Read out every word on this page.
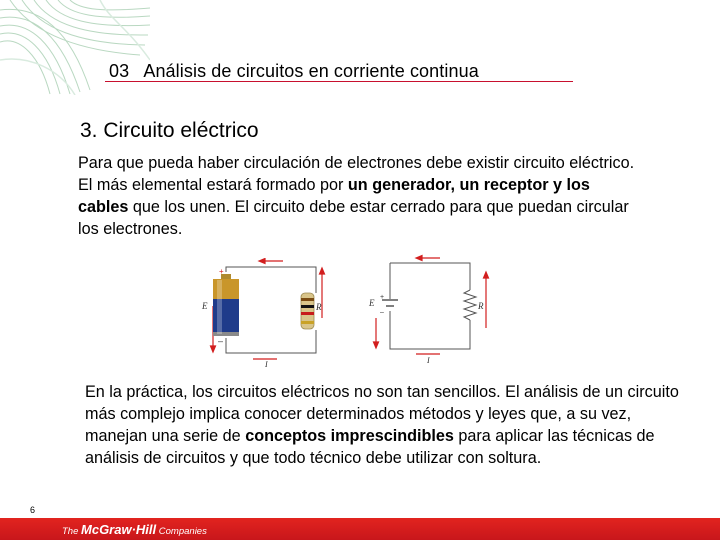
03 Análisis de circuitos en corriente continua
3. Circuito eléctrico
Para que pueda haber circulación de electrones debe existir circuito eléctrico. El más elemental estará formado por un generador, un receptor y los cables que los unen. El circuito debe estar cerrado para que puedan circular los electrones.
+
–
E	R
I
E
+
–
R
I
En la práctica, los circuitos eléctricos no son tan sencillos. El análisis de un circuito más complejo implica conocer determinados métodos y leyes que, a su vez, manejan una serie de conceptos imprescindibles para aplicar las técnicas de análisis de circuitos y que todo técnico debe utilizar con soltura.
6
The McGraw·Hill Companies
